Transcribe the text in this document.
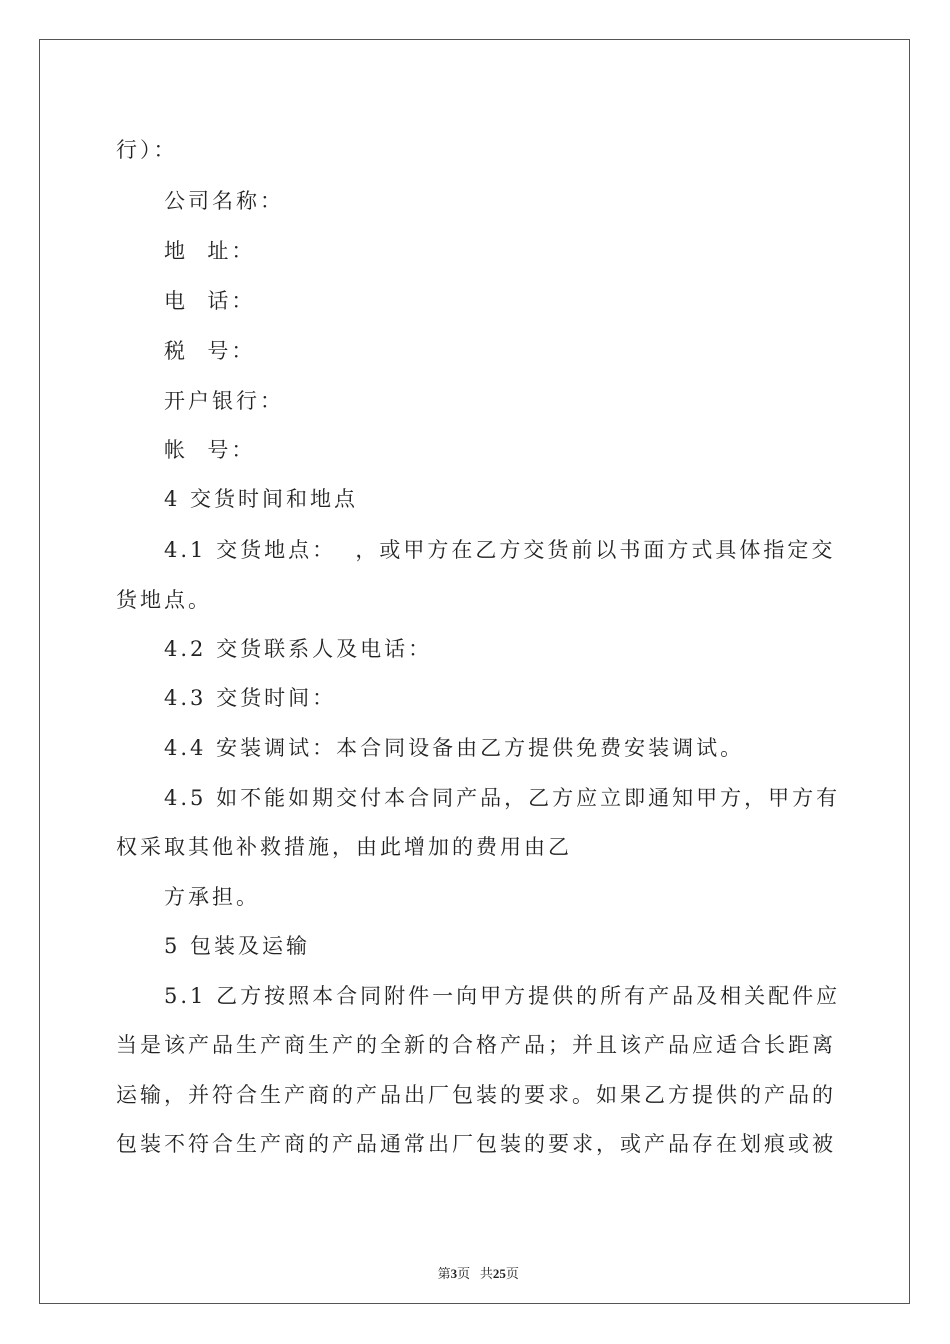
行）：

公司名称：

地  址：

电  话：

税  号：

开户银行：

帐  号：

4 交货时间和地点

4.1 交货地点：  ，或甲方在乙方交货前以书面方式具体指定交

货地点。

4.2 交货联系人及电话：

4.3 交货时间：

4.4 安装调试：本合同设备由乙方提供免费安装调试。

4.5 如不能如期交付本合同产品，乙方应立即通知甲方，甲方有

权采取其他补救措施，由此增加的费用由乙

方承担。

5 包装及运输

5.1 乙方按照本合同附件一向甲方提供的所有产品及相关配件应

当是该产品生产商生产的全新的合格产品；并且该产品应适合长距离

运输，并符合生产商的产品出厂包装的要求。如果乙方提供的产品的

包装不符合生产商的产品通常出厂包装的要求，或产品存在划痕或被

第3页   共25页
